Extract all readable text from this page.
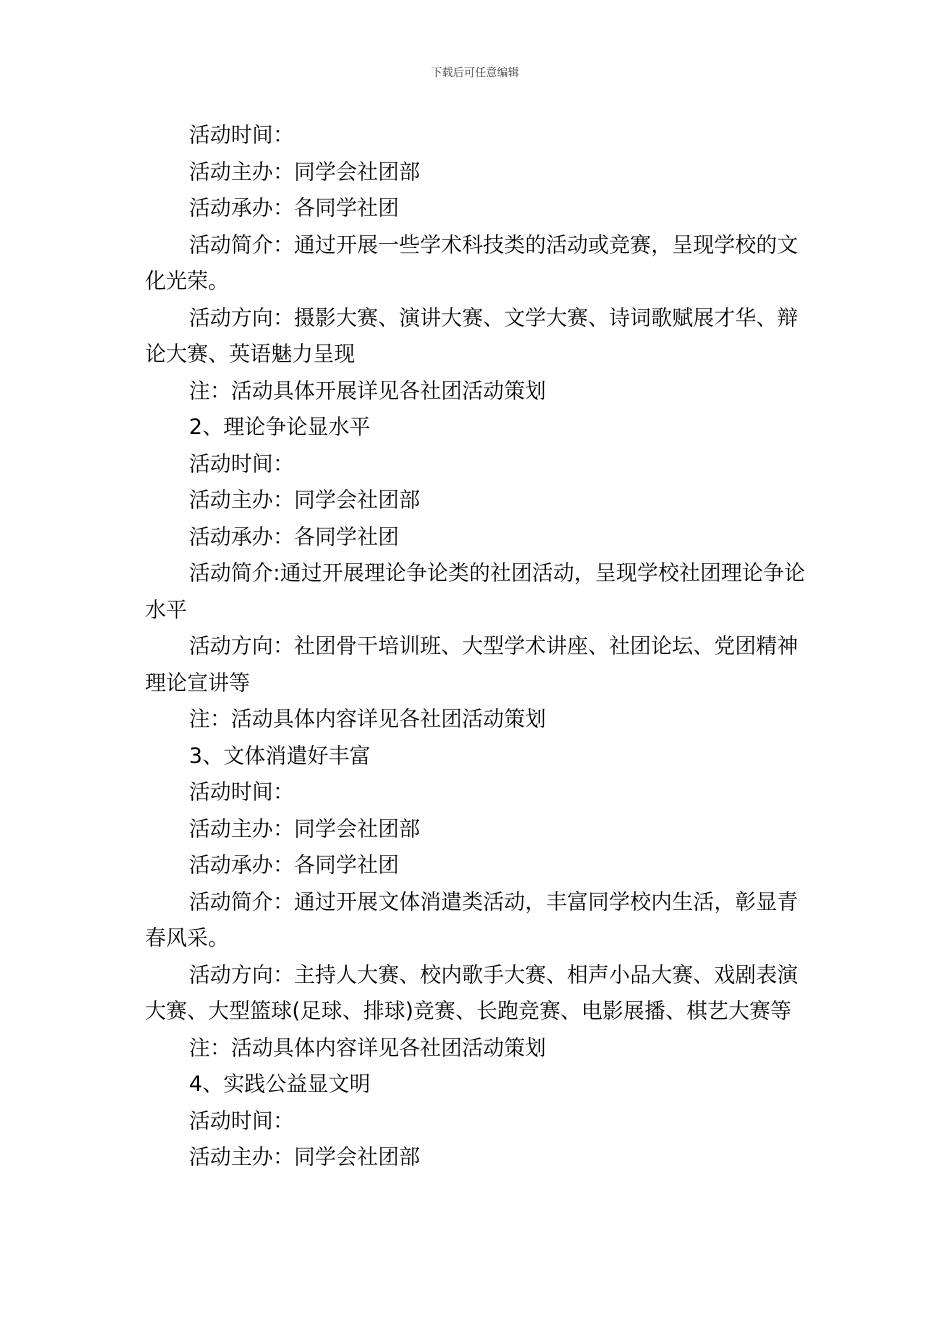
下载后可任意编辑

活动时间：

活动主办：同学会社团部

活动承办：各同学社团

活动简介：通过开展一些学术科技类的活动或竞赛，呈现学校的文化光荣。

活动方向：摄影大赛、演讲大赛、文学大赛、诗词歌赋展才华、辩论大赛、英语魅力呈现

注：活动具体开展详见各社团活动策划

2、理论争论显水平

活动时间：

活动主办：同学会社团部

活动承办：各同学社团

活动简介:通过开展理论争论类的社团活动，呈现学校社团理论争论水平

活动方向：社团骨干培训班、大型学术讲座、社团论坛、党团精神理论宣讲等

注：活动具体内容详见各社团活动策划

3、文体消遣好丰富

活动时间：

活动主办：同学会社团部

活动承办：各同学社团

活动简介：通过开展文体消遣类活动，丰富同学校内生活，彰显青春风采。

活动方向：主持人大赛、校内歌手大赛、相声小品大赛、戏剧表演大赛、大型篮球(足球、排球)竞赛、长跑竞赛、电影展播、棋艺大赛等

注：活动具体内容详见各社团活动策划

4、实践公益显文明

活动时间：

活动主办：同学会社团部
